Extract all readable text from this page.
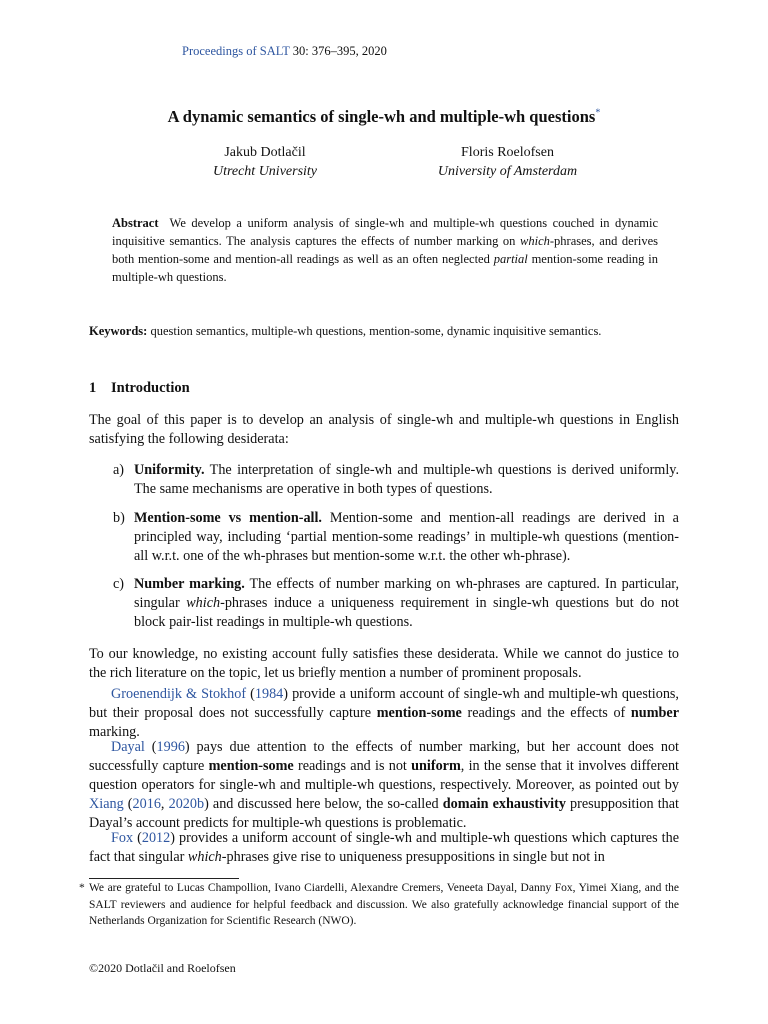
Proceedings of SALT 30: 376–395, 2020
A dynamic semantics of single-wh and multiple-wh questions*
Jakub Dotlačil
Utrecht University
Floris Roelofsen
University of Amsterdam
Abstract We develop a uniform analysis of single-wh and multiple-wh questions couched in dynamic inquisitive semantics. The analysis captures the effects of number marking on which-phrases, and derives both mention-some and mention-all readings as well as an often neglected partial mention-some reading in multiple-wh questions.
Keywords: question semantics, multiple-wh questions, mention-some, dynamic inquisitive semantics.
1 Introduction
The goal of this paper is to develop an analysis of single-wh and multiple-wh questions in English satisfying the following desiderata:
a) Uniformity. The interpretation of single-wh and multiple-wh questions is derived uniformly. The same mechanisms are operative in both types of questions.
b) Mention-some vs mention-all. Mention-some and mention-all readings are derived in a principled way, including ‘partial mention-some readings’ in multiple-wh questions (mention-all w.r.t. one of the wh-phrases but mention-some w.r.t. the other wh-phrase).
c) Number marking. The effects of number marking on wh-phrases are captured. In particular, singular which-phrases induce a uniqueness requirement in single-wh questions but do not block pair-list readings in multiple-wh questions.
To our knowledge, no existing account fully satisfies these desiderata. While we cannot do justice to the rich literature on the topic, let us briefly mention a number of prominent proposals.
Groenendijk & Stokhof (1984) provide a uniform account of single-wh and multiple-wh questions, but their proposal does not successfully capture mention-some readings and the effects of number marking.
Dayal (1996) pays due attention to the effects of number marking, but her account does not successfully capture mention-some readings and is not uniform, in the sense that it involves different question operators for single-wh and multiple-wh questions, respectively. Moreover, as pointed out by Xiang (2016, 2020b) and discussed here below, the so-called domain exhaustivity presupposition that Dayal’s account predicts for multiple-wh questions is problematic.
Fox (2012) provides a uniform account of single-wh and multiple-wh questions which captures the fact that singular which-phrases give rise to uniqueness presuppositions in single but not in
* We are grateful to Lucas Champollion, Ivano Ciardelli, Alexandre Cremers, Veneeta Dayal, Danny Fox, Yimei Xiang, and the SALT reviewers and audience for helpful feedback and discussion. We also gratefully acknowledge financial support of the Netherlands Organization for Scientific Research (NWO).
©2020 Dotlačil and Roelofsen
